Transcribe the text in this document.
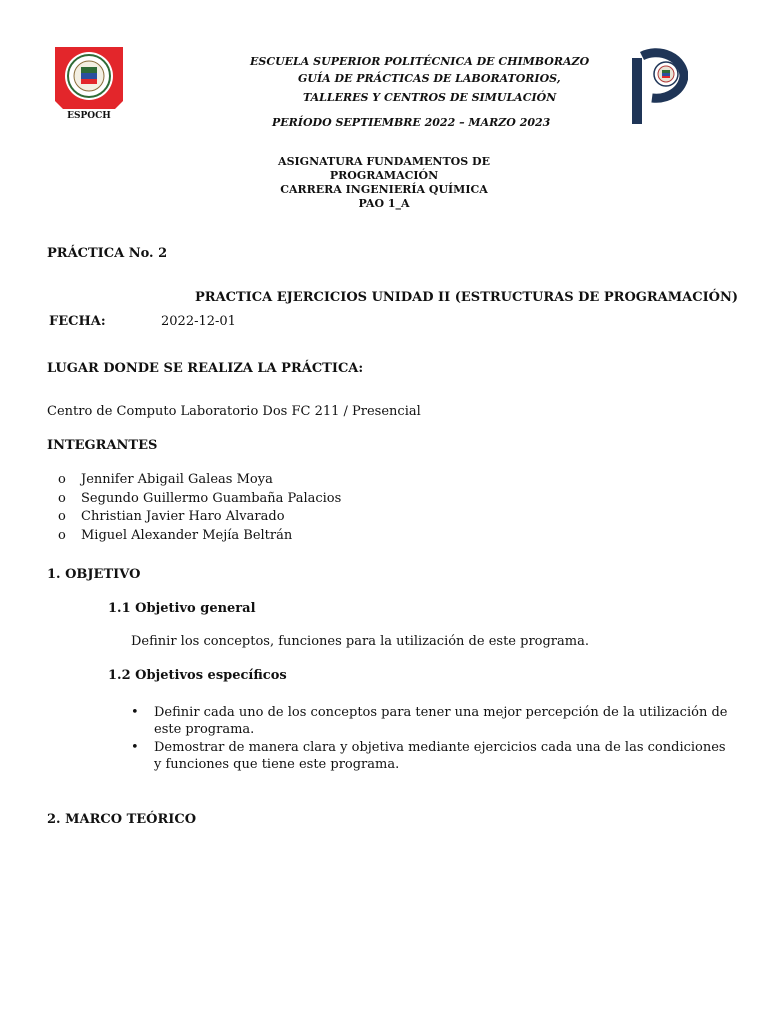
ESPOCH
ESCUELA SUPERIOR POLITÉCNICA DE CHIMBORAZO
GUÍA DE PRÁCTICAS DE LABORATORIOS,
TALLERES Y CENTROS DE SIMULACIÓN
PERÍODO SEPTIEMBRE 2022 – MARZO 2023
ASIGNATURA FUNDAMENTOS DE
PROGRAMACIÓN
CARRERA INGENIERÍA QUÍMICA
PAO 1_A
PRÁCTICA No. 2
PRACTICA EJERCICIOS UNIDAD II (ESTRUCTURAS DE PROGRAMACIÓN)
FECHA:	2022-12-01
LUGAR DONDE SE REALIZA LA PRÁCTICA:
Centro de Computo Laboratorio Dos FC 211 / Presencial
INTEGRANTES
o Jennifer Abigail Galeas Moya
o Segundo Guillermo Guambaña Palacios
o Christian Javier Haro Alvarado
o Miguel Alexander Mejía Beltrán
1. OBJETIVO
1.1 Objetivo general
Definir los conceptos, funciones para la utilización de este programa.
1.2 Objetivos específicos
• Definir cada uno de los conceptos para tener una mejor percepción de la utilización de
este programa.
• Demostrar de manera clara y objetiva mediante ejercicios cada una de las condiciones
y funciones que tiene este programa.
2. MARCO TEÓRICO
